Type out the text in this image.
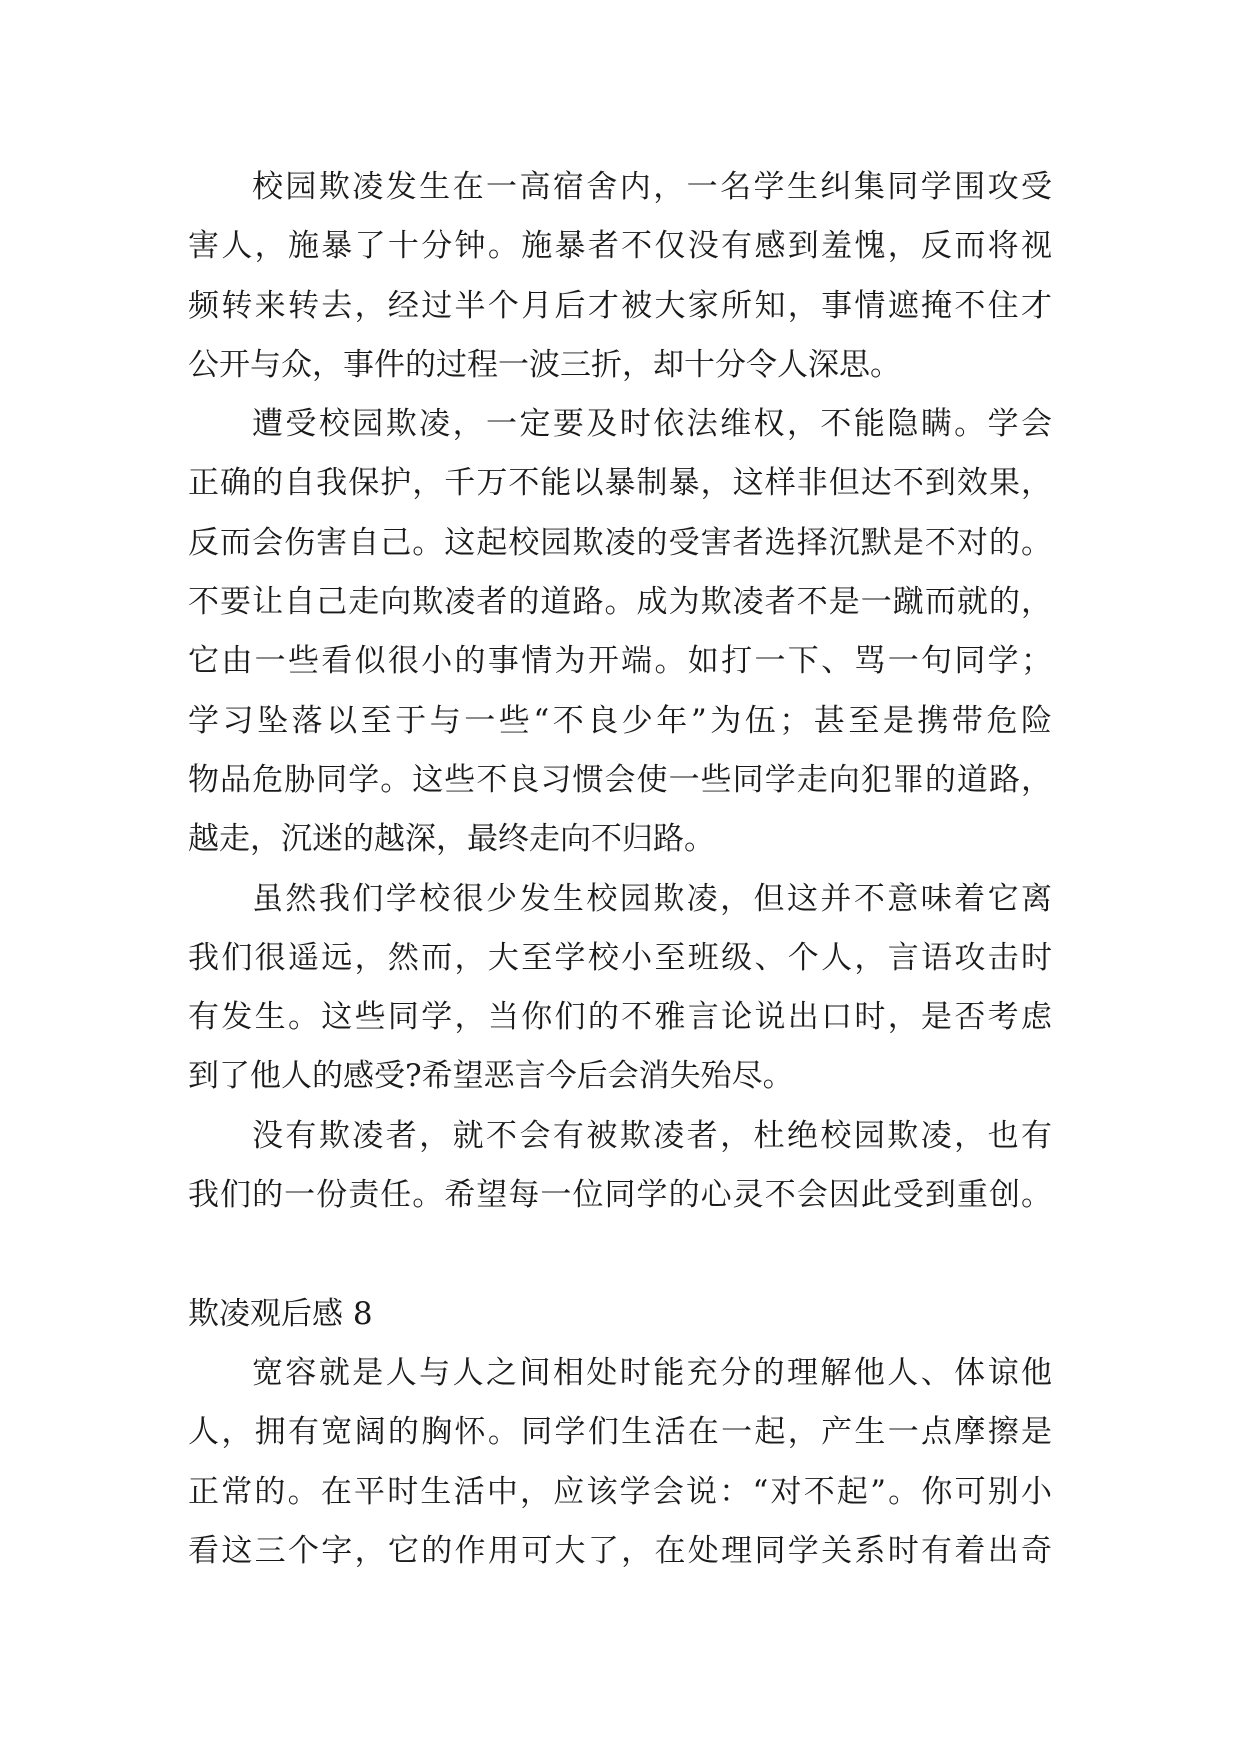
校园欺凌发生在一高宿舍内，一名学生纠集同学围攻受
害人，施暴了十分钟。施暴者不仅没有感到羞愧，反而将视
频转来转去，经过半个月后才被大家所知，事情遮掩不住才
公开与众，事件的过程一波三折，却十分令人深思。
遭受校园欺凌，一定要及时依法维权，不能隐瞒。学会
正确的自我保护，千万不能以暴制暴，这样非但达不到效果，
反而会伤害自己。这起校园欺凌的受害者选择沉默是不对的。
不要让自己走向欺凌者的道路。成为欺凌者不是一蹴而就的，
它由一些看似很小的事情为开端。如打一下、骂一句同学；
学习坠落以至于与一些“不良少年”为伍；甚至是携带危险
物品危胁同学。这些不良习惯会使一些同学走向犯罪的道路，
越走，沉迷的越深，最终走向不归路。
虽然我们学校很少发生校园欺凌，但这并不意味着它离
我们很遥远，然而，大至学校小至班级、个人，言语攻击时
有发生。这些同学，当你们的不雅言论说出口时，是否考虑
到了他人的感受?希望恶言今后会消失殆尽。
没有欺凌者，就不会有被欺凌者，杜绝校园欺凌，也有
我们的一份责任。希望每一位同学的心灵不会因此受到重创。
欺凌观后感 8
宽容就是人与人之间相处时能充分的理解他人、体谅他
人，拥有宽阔的胸怀。同学们生活在一起，产生一点摩擦是
正常的。在平时生活中，应该学会说：“对不起”。你可别小
看这三个字，它的作用可大了，在处理同学关系时有着出奇
